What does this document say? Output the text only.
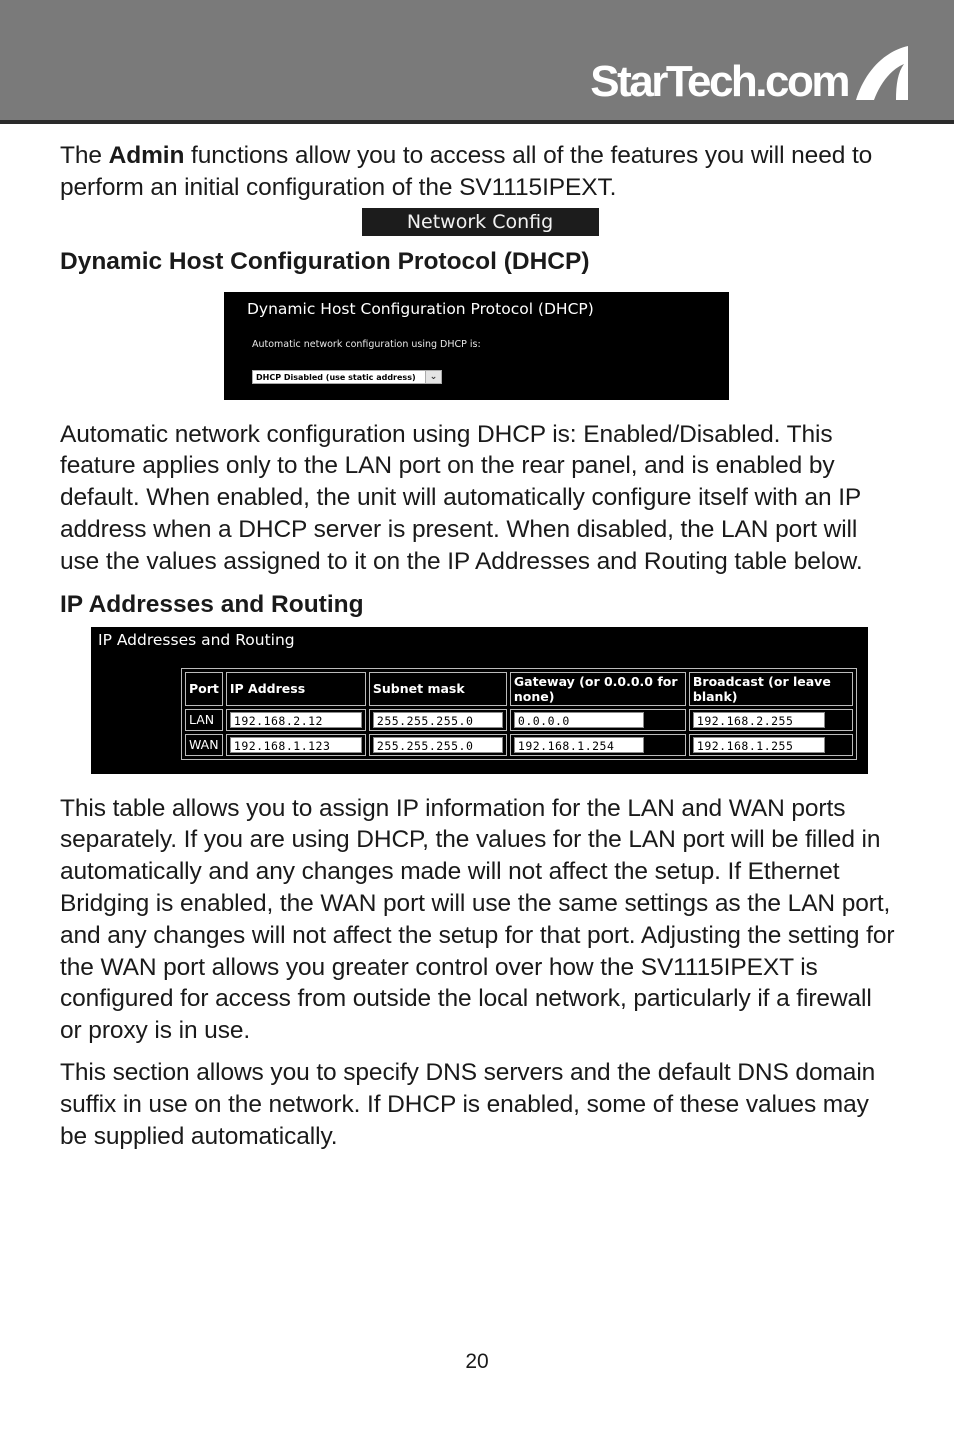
StarTech.com

The Admin functions allow you to access all of the features you will need to perform an initial configuration of the SV1115IPEXT.

Network Config
Dynamic Host Configuration Protocol (DHCP)
Dynamic Host Configuration Protocol (DHCP)
Automatic network configuration using DHCP is:
DHCP Disabled (use static address)	⌄

Automatic network configuration using DHCP is: Enabled/Disabled. This feature applies only to the LAN port on the rear panel, and is enabled by default. When enabled, the unit will automatically configure itself with an IP address when a DHCP server is present. When disabled, the LAN port will use the values assigned to it on the IP Addresses and Routing table below.

IP Addresses and Routing
IP Addresses and Routing
Port	IP Address	Subnet mask	Gateway (or 0.0.0.0 for none)	Broadcast (or leave blank)
LAN	192.168.2.12	255.255.255.0	0.0.0.0	192.168.2.255

WAN	192.168.1.123	255.255.255.0	192.168.1.254	192.168.1.255

This table allows you to assign IP information for the LAN and WAN ports separately. If you are using DHCP, the values for the LAN port will be filled in automatically and any changes made will not affect the setup. If Ethernet Bridging is enabled, the WAN port will use the same settings as the LAN port, and any changes will not affect the setup for that port. Adjusting the setting for the WAN port allows you greater control over how the SV1115IPEXT is configured for access from outside the local network, particularly if a firewall or proxy is in use.

This section allows you to specify DNS servers and the default DNS domain suffix in use on the network. If DHCP is enabled, some of these values may be supplied automatically.

20
